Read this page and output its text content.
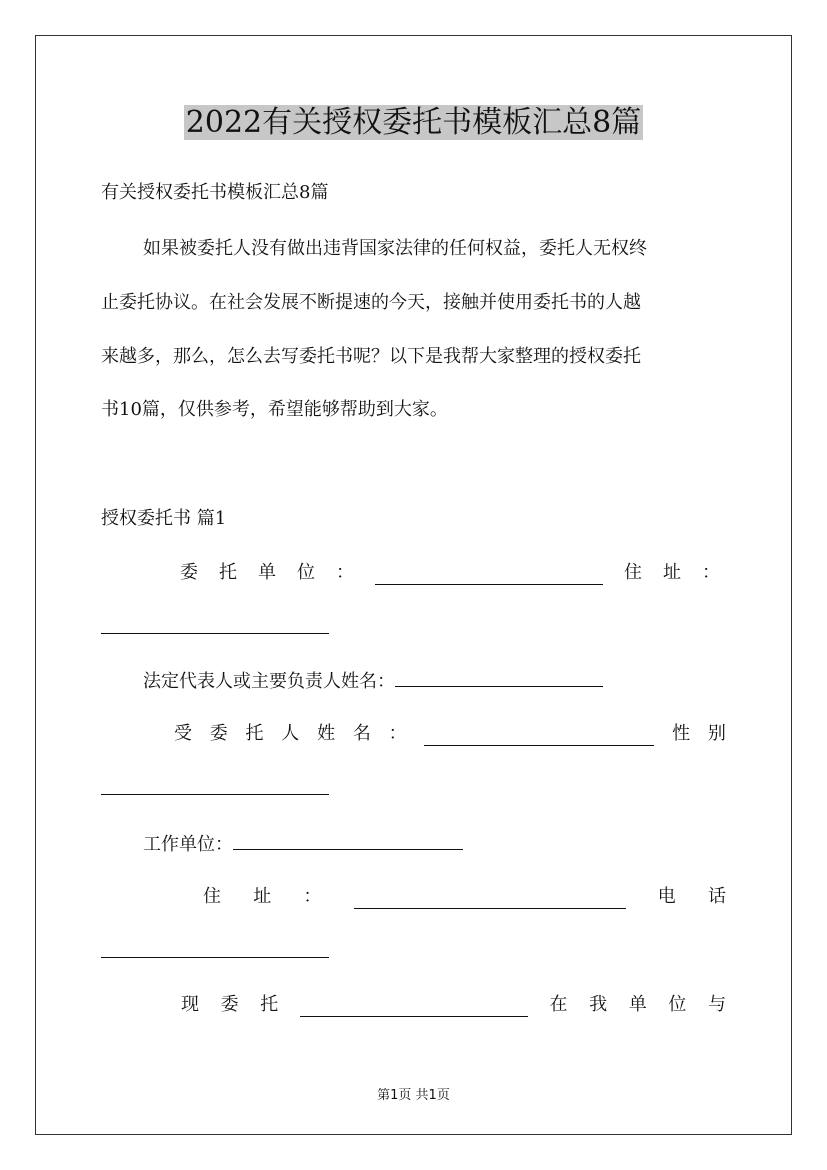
2022有关授权委托书模板汇总8篇
有关授权委托书模板汇总8篇
如果被委托人没有做出违背国家法律的任何权益，委托人无权终
止委托协议。在社会发展不断提速的今天，接触并使用委托书的人越
来越多，那么，怎么去写委托书呢？以下是我帮大家整理的授权委托
书10篇，仅供参考，希望能够帮助到大家。
授权委托书 篇1
委 托 单 位 ：	住 址 ：
法定代表人或主要负责人姓名：
受 委 托 人 姓 名 ：	性 别
工作单位：
住 址 ：	电 话
现 委 托	在 我 单 位 与
第1页 共1页
